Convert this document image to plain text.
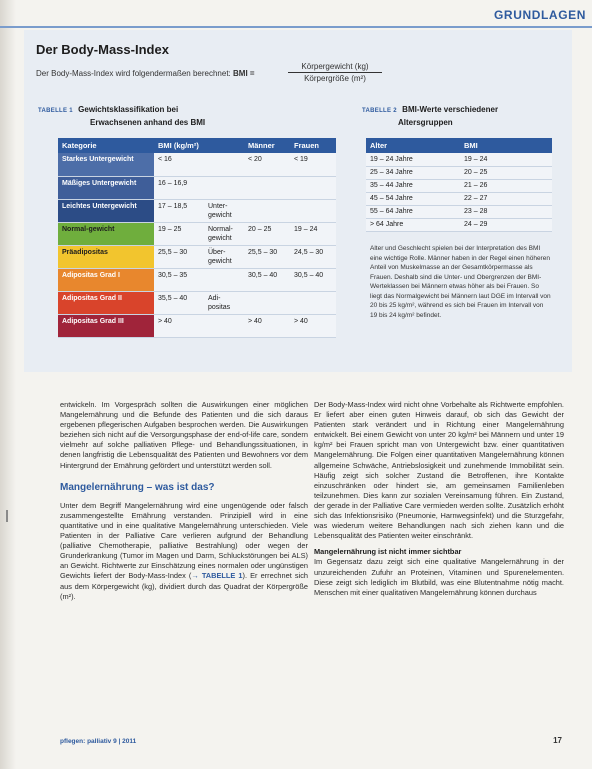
GRUNDLAGEN
Der Body-Mass-Index
Der Body-Mass-Index wird folgendermaßen berechnet: BMI =
Körpergewicht (kg)
Körpergröße (m²)
TABELLE 1 Gewichtsklassifikation bei
Erwachsenen anhand des BMI
Kategorie	BMI (kg/m²)		Männer	Frauen
Starkes Untergewicht	< 16		< 20	< 19
Mäßiges Untergewicht	16 – 16,9			
Leichtes Untergewicht	17 – 18,5	Unter-gewicht		
Normal-gewicht	19 – 25	Normal-gewicht	20 – 25	19 – 24
Präadipositas	25,5 – 30	Über-gewicht	25,5 – 30	24,5 – 30
Adipositas Grad I	30,5 – 35		30,5 – 40	30,5 – 40
Adipositas Grad II	35,5 – 40	Adi-positas		
Adipositas Grad III	> 40		> 40	> 40
TABELLE 2 BMI-Werte verschiedener
Altersgruppen
Alter	BMI
19 – 24 Jahre	19 – 24
25 – 34 Jahre	20 – 25
35 – 44 Jahre	21 – 26
45 – 54 Jahre	22 – 27
55 – 64 Jahre	23 – 28
> 64 Jahre	24 – 29
Alter und Geschlecht spielen bei der Interpretation des BMI eine wichtige Rolle. Männer haben in der Regel einen höheren Anteil von Muskelmasse an der Gesamtkörpermasse als Frauen. Deshalb sind die Unter- und Obergrenzen der BMI-Werteklassen bei Männern etwas höher als bei Frauen. So liegt das Normalgewicht bei Männern laut DGE im Intervall von 20 bis 25 kg/m², während es sich bei Frauen im Intervall von 19 bis 24 kg/m² befindet.

entwickeln. Im Vorgespräch sollten die Auswirkungen einer möglichen Mangelernährung und die Befunde des Patienten und die sich daraus ergebenen pflegerischen Aufgaben besprochen werden. Die Auswirkungen beziehen sich nicht auf die Versorgungsphase der end-of-life care, sondern vielmehr auf solche palliativen Pflege- und Behandlungssituationen, in denen langfristig die Lebensqualität des Patienten und Bewohners vor dem Hintergrund der Ernährung gefördert und unterstützt werden soll.

Mangelernährung – was ist das?

Unter dem Begriff Mangelernährung wird eine ungenügende oder falsch zusammengestellte Ernährung verstanden. Prinzipiell wird in eine quantitative und in eine qualitative Mangelernährung unterschieden. Viele Patienten in der Palliative Care verlieren aufgrund der Behandlung (palliative Chemotherapie, palliative Bestrahlung) oder wegen der Grunderkrankung (Tumor im Magen und Darm, Schluckstörungen bei ALS) an Gewicht. Richtwerte zur Einschätzung eines normalen oder ungünstigen Gewichts liefert der Body-Mass-Index (→ TABELLE 1). Er errechnet sich aus dem Körpergewicht (kg), dividiert durch das Quadrat der Körpergröße (m²).

Der Body-Mass-Index wird nicht ohne Vorbehalte als Richtwerte empfohlen. Er liefert aber einen guten Hinweis darauf, ob sich das Gewicht der Patienten stark verändert und in Richtung einer Mangelernährung entwickelt. Bei einem Gewicht von unter 20 kg/m² bei Männern und unter 19 kg/m² bei Frauen spricht man von Untergewicht bzw. einer quantitativen Mangelernährung. Die Folgen einer quantitativen Mangelernährung können allgemeine Schwäche, Antriebslosigkeit und zunehmende Immobilität sein. Häufig zeigt sich solcher Zustand die Betroffenen, ihre Kontakte einzuschränken oder hindert sie, am gemeinsamen Familienleben teilzunehmen. Dies kann zur sozialen Vereinsamung führen. Ein Zustand, der gerade in der Palliative Care vermieden werden sollte. Zusätzlich erhöht sich das Infektionsrisiko (Pneumonie, Harnwegsinfekt) und die Sturzgefahr, was wiederum weitere Behandlungen nach sich ziehen kann und die Lebensqualität des Patienten weiter einschränkt.

Mangelernährung ist nicht immer sichtbar

Im Gegensatz dazu zeigt sich eine qualitative Mangelernährung in der unzureichenden Zufuhr an Proteinen, Vitaminen und Spurenelementen. Diese zeigt sich lediglich im Blutbild, was eine Blutentnahme nötig macht. Menschen mit einer qualitativen Mangelernährung können durchaus

pflegen: palliativ 9 | 2011	17
